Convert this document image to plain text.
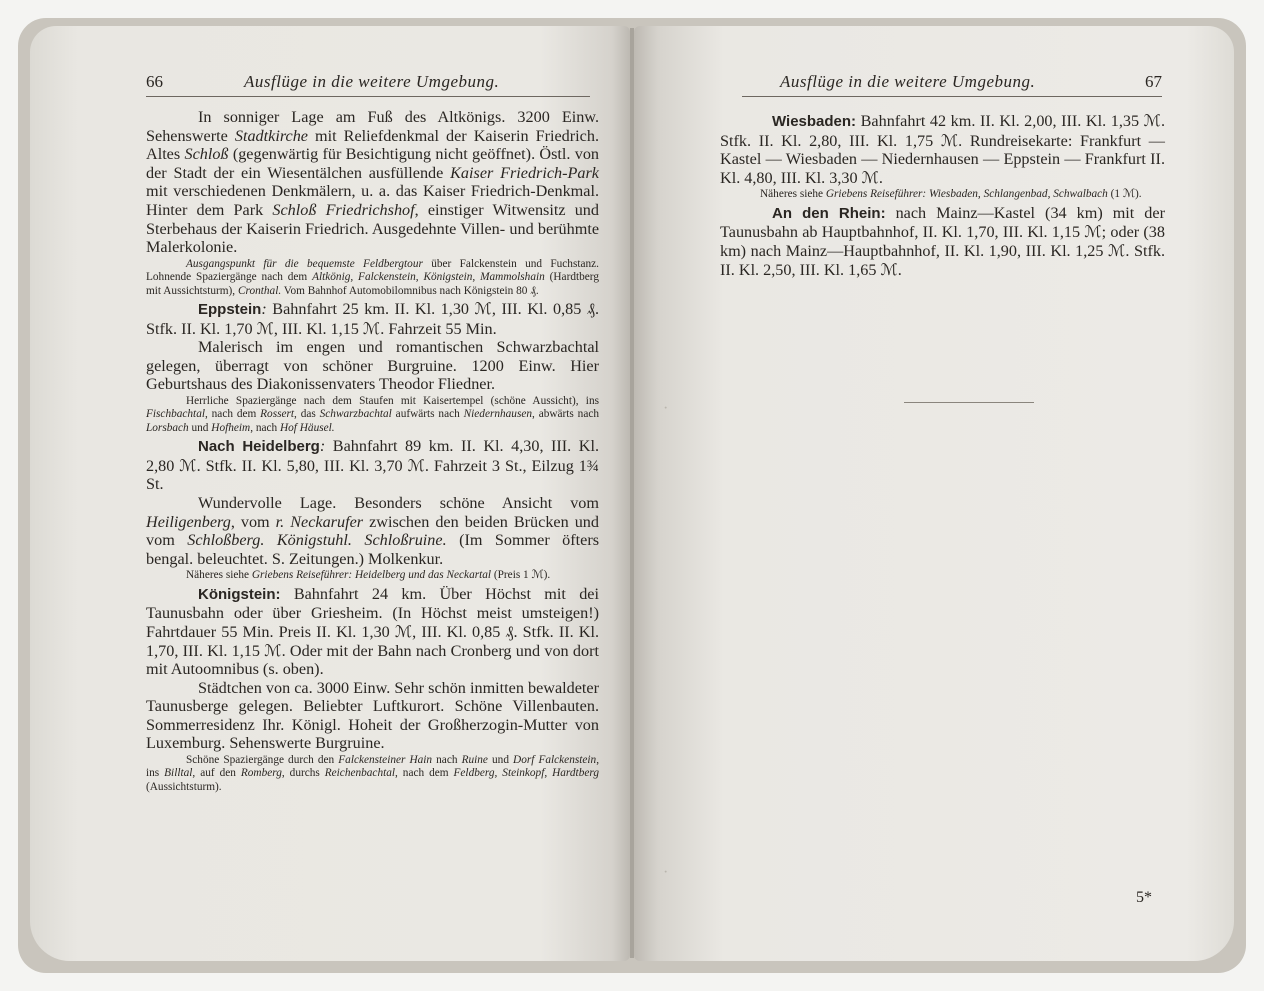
66	Ausflüge in die weitere Umgebung.

In sonniger Lage am Fuß des Altkönigs. 3200 Einw. Sehenswerte Stadtkirche mit Reliefdenkmal der Kaiserin Friedrich. Altes Schloß (gegenwärtig für Besichtigung nicht geöffnet). Östl. von der Stadt der ein Wiesentälchen ausfüllende Kaiser Friedrich-Park mit verschiedenen Denkmälern, u. a. das Kaiser Friedrich-Denkmal. Hinter dem Park Schloß Friedrichshof, einstiger Witwensitz und Sterbehaus der Kaiserin Friedrich. Ausgedehnte Villen- und berühmte Malerkolonie.

Ausgangspunkt für die bequemste Feldbergtour über Falckenstein und Fuchstanz. Lohnende Spaziergänge nach dem Altkönig, Falckenstein, Königstein, Mammolshain (Hardtberg mit Aussichtsturm), Cronthal. Vom Bahnhof Automobilomnibus nach Königstein 80 ₰.

Eppstein: Bahnfahrt 25 km. II. Kl. 1,30 ℳ, III. Kl. 0,85 ₰. Stfk. II. Kl. 1,70 ℳ, III. Kl. 1,15 ℳ. Fahrzeit 55 Min.

Malerisch im engen und romantischen Schwarzbachtal gelegen, überragt von schöner Burgruine. 1200 Einw. Hier Geburtshaus des Diakonissenvaters Theodor Fliedner.

Herrliche Spaziergänge nach dem Staufen mit Kaisertempel (schöne Aussicht), ins Fischbachtal, nach dem Rossert, das Schwarzbachtal aufwärts nach Niedernhausen, abwärts nach Lorsbach und Hofheim, nach Hof Häusel.

Nach Heidelberg: Bahnfahrt 89 km. II. Kl. 4,30, III. Kl. 2,80 ℳ. Stfk. II. Kl. 5,80, III. Kl. 3,70 ℳ. Fahrzeit 3 St., Eilzug 1¾ St.

Wundervolle Lage. Besonders schöne Ansicht vom Heiligenberg, vom r. Neckarufer zwischen den beiden Brücken und vom Schloßberg. Königstuhl. Schloßruine. (Im Sommer öfters bengal. beleuchtet. S. Zeitungen.) Molkenkur.

Näheres siehe Griebens Reiseführer: Heidelberg und das Neckartal (Preis 1 ℳ).

Königstein: Bahnfahrt 24 km. Über Höchst mit dei Taunusbahn oder über Griesheim. (In Höchst meist umsteigen!) Fahrtdauer 55 Min. Preis II. Kl. 1,30 ℳ, III. Kl. 0,85 ₰. Stfk. II. Kl. 1,70, III. Kl. 1,15 ℳ. Oder mit der Bahn nach Cronberg und von dort mit Autoomnibus (s. oben).

Städtchen von ca. 3000 Einw. Sehr schön inmitten bewaldeter Taunusberge gelegen. Beliebter Luftkurort. Schöne Villenbauten. Sommerresidenz Ihr. Königl. Hoheit der Großherzogin-Mutter von Luxemburg. Sehenswerte Burgruine.

Schöne Spaziergänge durch den Falckensteiner Hain nach Ruine und Dorf Falckenstein, ins Billtal, auf den Romberg, durchs Reichenbachtal, nach dem Feldberg, Steinkopf, Hardtberg (Aussichtsturm).

Ausflüge in die weitere Umgebung.	67

Wiesbaden: Bahnfahrt 42 km. II. Kl. 2,00, III. Kl. 1,35 ℳ. Stfk. II. Kl. 2,80, III. Kl. 1,75 ℳ. Rundreisekarte: Frankfurt — Kastel — Wiesbaden — Niedernhausen — Eppstein — Frankfurt II. Kl. 4,80, III. Kl. 3,30 ℳ.

Näheres siehe Griebens Reiseführer: Wiesbaden, Schlangenbad, Schwalbach (1 ℳ).

An den Rhein: nach Mainz—Kastel (34 km) mit der Taunusbahn ab Hauptbahnhof, II. Kl. 1,70, III. Kl. 1,15 ℳ; oder (38 km) nach Mainz—Hauptbahnhof, II. Kl. 1,90, III. Kl. 1,25 ℳ. Stfk. II. Kl. 2,50, III. Kl. 1,65 ℳ.

·
·
5*
